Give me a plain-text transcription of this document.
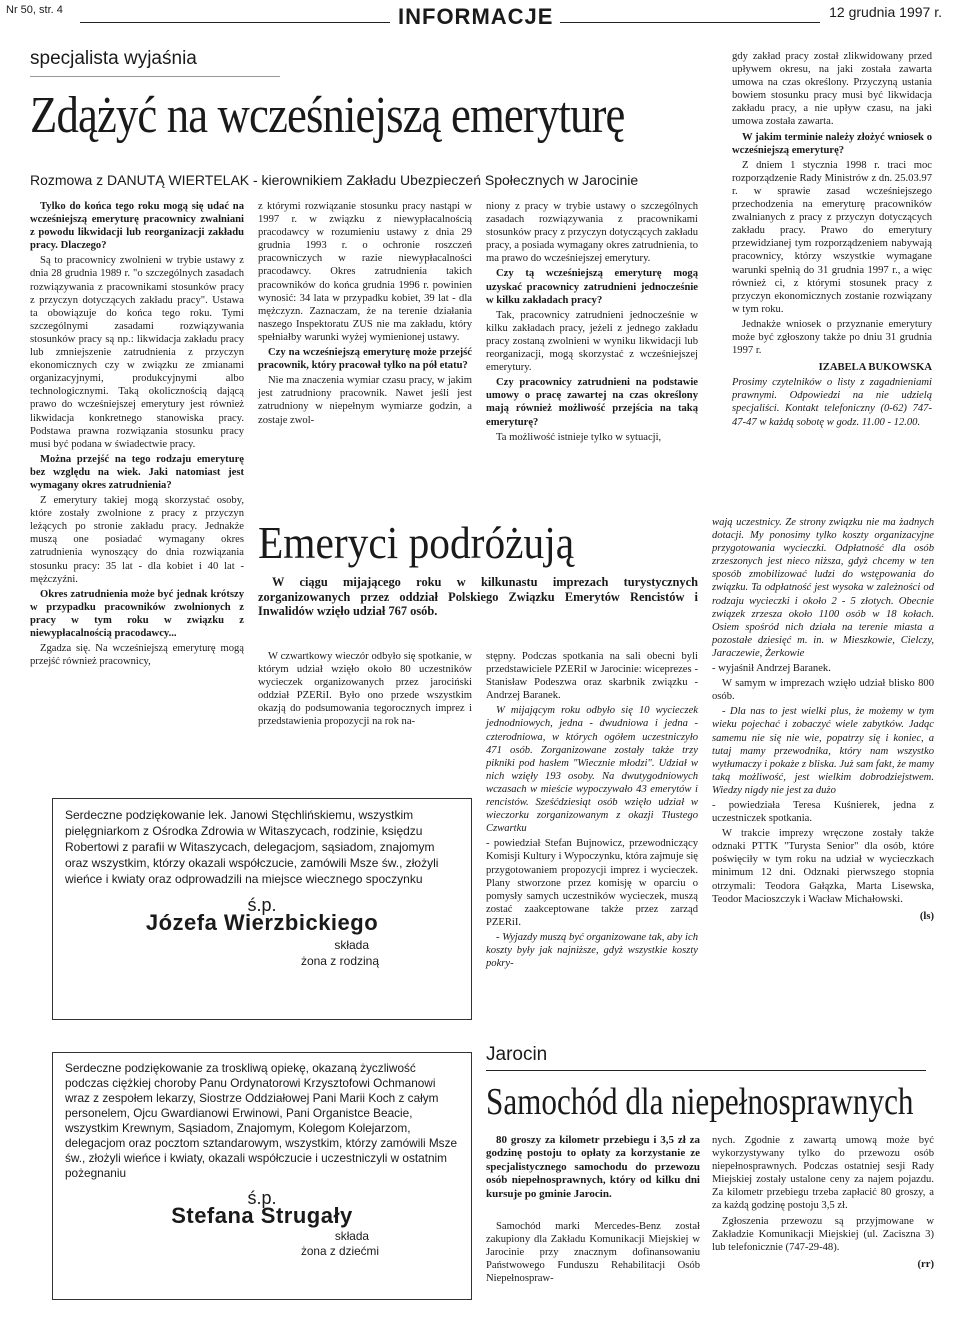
Nr 50, str. 4	INFORMACJE	12 grudnia 1997 r.
specjalista wyjaśnia
Zdążyć na wcześniejszą emeryturę
Rozmowa z DANUTĄ WIERTELAK - kierownikiem Zakładu Ubezpieczeń Społecznych w Jarocinie

Tylko do końca tego roku mogą się udać na wcześniejszą emeryturę pracownicy zwalniani z powodu likwidacji lub reorganizacji zakładu pracy. Dlaczego?

Są to pracownicy zwolnieni w trybie ustawy z dnia 28 grudnia 1989 r. "o szczególnych zasadach rozwiązywania z pracownikami stosunków pracy z przyczyn dotyczących zakładu pracy". Ustawa ta obowiązuje do końca tego roku. Tymi szczególnymi zasadami rozwiązywania stosunków pracy są np.: likwidacja zakładu pracy lub zmniejszenie zatrudnienia z przyczyn ekonomicznych czy w związku ze zmianami organizacyjnymi, produkcyjnymi albo technologicznymi. Taką okolicznością dającą prawo do wcześniejszej emerytury jest również likwidacja konkretnego stanowiska pracy. Podstawa prawna rozwiązania stosunku pracy musi być podana w świadectwie pracy.

Można przejść na tego rodzaju emeryturę bez względu na wiek. Jaki natomiast jest wymagany okres zatrudnienia?

Z emerytury takiej mogą skorzystać osoby, które zostały zwolnione z pracy z przyczyn leżących po stronie zakładu pracy. Jednakże muszą one posiadać wymagany okres zatrudnienia wynoszący do dnia rozwiązania stosunku pracy: 35 lat - dla kobiet i 40 lat - mężczyźni.

Okres zatrudnienia może być jednak krótszy w przypadku pracowników zwolnionych z pracy w tym roku w związku z niewypłacalnością pracodawcy...

Zgadza się. Na wcześniejszą emeryturę mogą przejść również pracownicy,

z którymi rozwiązanie stosunku pracy nastąpi w 1997 r. w związku z niewypłacalnością pracodawcy w rozumieniu ustawy z dnia 29 grudnia 1993 r. o ochronie roszczeń pracowniczych w razie niewypłacalności pracodawcy. Okres zatrudnienia takich pracowników do końca grudnia 1996 r. powinien wynosić: 34 lata w przypadku kobiet, 39 lat - dla mężczyzn. Zaznaczam, że na terenie działania naszego Inspektoratu ZUS nie ma zakładu, który spełniałby warunki wyżej wymienionej ustawy.

Czy na wcześniejszą emeryturę może przejść pracownik, który pracował tylko na pół etatu?

Nie ma znaczenia wymiar czasu pracy, w jakim jest zatrudniony pracownik. Nawet jeśli jest zatrudniony w niepełnym wymiarze godzin, a zostaje zwol-

niony z pracy w trybie ustawy o szczególnych zasadach rozwiązywania z pracownikami stosunków pracy z przyczyn dotyczących zakładu pracy, a posiada wymagany okres zatrudnienia, to ma prawo do wcześniejszej emerytury.

Czy tą wcześniejszą emeryturę mogą uzyskać pracownicy zatrudnieni jednocześnie w kilku zakładach pracy?

Tak, pracownicy zatrudnieni jednocześnie w kilku zakładach pracy, jeżeli z jednego zakładu pracy zostaną zwolnieni w wyniku likwidacji lub reorganizacji, mogą skorzystać z wcześniejszej emerytury.

Czy pracownicy zatrudnieni na podstawie umowy o pracę zawartej na czas określony mają również możliwość przejścia na taką emeryturę?

Ta możliwość istnieje tylko w sytuacji,

gdy zakład pracy został zlikwidowany przed upływem okresu, na jaki została zawarta umowa na czas określony. Przyczyną ustania bowiem stosunku pracy musi być likwidacja zakładu pracy, a nie upływ czasu, na jaki umowa została zawarta.

W jakim terminie należy złożyć wniosek o wcześniejszą emeryturę?

Z dniem 1 stycznia 1998 r. traci moc rozporządzenie Rady Ministrów z dn. 25.03.97 r. w sprawie zasad wcześniejszego przechodzenia na emeryturę pracowników zwalnianych z pracy z przyczyn dotyczących zakładu pracy. Prawo do emerytury przewidzianej tym rozporządzeniem nabywają pracownicy, którzy wszystkie wymagane warunki spełnią do 31 grudnia 1997 r., a więc również ci, z którymi stosunek pracy z przyczyn ekonomicznych zostanie rozwiązany w tym roku.

Jednakże wniosek o przyznanie emerytury może być zgłoszony także po dniu 31 grudnia 1997 r.

IZABELA BUKOWSKA

Prosimy czytelników o listy z zagadnieniami prawnymi. Odpowiedzi na nie udzielą specjaliści. Kontakt telefoniczny (0-62) 747-47-47 w każdą sobotę w godz. 11.00 - 12.00.

Emeryci podróżują
W ciągu mijającego roku w kilkunastu imprezach turystycznych zorganizowanych przez oddział Polskiego Związku Emerytów Rencistów i Inwalidów wzięło udział 767 osób.
W czwartkowy wieczór odbyło się spotkanie, w którym udział wzięło około 80 uczestników wycieczek organizowanych przez jarociński oddział PZERiI. Było ono przede wszystkim okazją do podsumowania tegorocznych imprez i przedstawienia propozycji na rok na-

stępny. Podczas spotkania na sali obecni byli przedstawiciele PZERiI w Jarocinie: wiceprezes - Stanisław Podeszwa oraz skarbnik związku - Andrzej Baranek.

W mijającym roku odbyło się 10 wycieczek jednodniowych, jedna - dwudniowa i jedna - czterodniowa, w których ogółem uczestniczyło 471 osób. Zorganizowane zostały także trzy pikniki pod hasłem "Wiecznie młodzi". Udział w nich wzięły 193 osoby. Na dwutygodniowych wczasach w mieście wypoczywało 43 emerytów i rencistów. Sześćdziesiąt osób wzięło udział w wieczorku zorganizowanym z okazji Tłustego Czwartku

- powiedział Stefan Bujnowicz, przewodniczący Komisji Kultury i Wypoczynku, która zajmuje się przygotowaniem propozycji imprez i wycieczek. Plany stworzone przez komisję w oparciu o pomysły samych uczestników wycieczek, muszą zostać zaakceptowane także przez zarząd PZERiI.

- Wyjazdy muszą być organizowane tak, aby ich koszty były jak najniższe, gdyż wszystkie koszty pokry-

wają uczestnicy. Ze strony związku nie ma żadnych dotacji. My ponosimy tylko koszty organizacyjne przygotowania wycieczki. Odpłatność dla osób zrzeszonych jest nieco niższa, gdyż chcemy w ten sposób zmobilizować ludzi do wstępowania do związku. Ta odpłatność jest wysoka w zależności od rodzaju wycieczki i około 2 - 5 złotych. Obecnie związek zrzesza około 1100 osób w 18 kołach. Osiem spośród nich działa na terenie miasta a pozostałe dziesięć m. in. w Mieszkowie, Cielczy, Jaraczewie, Żerkowie

- wyjaśnił Andrzej Baranek.

W samym w imprezach wzięło udział blisko 800 osób.

- Dla nas to jest wielki plus, że możemy w tym wieku pojechać i zobaczyć wiele zabytków. Jadąc samemu nie się nie wie, popatrzy się i koniec, a tutaj mamy przewodnika, który nam wszystko wytłumaczy i pokaże z bliska. Już sam fakt, że mamy taką możliwość, jest wielkim dobrodziejstwem. Wiedzy nigdy nie jest za dużo

- powiedziała Teresa Kuśnierek, jedna z uczestniczek spotkania.

W trakcie imprezy wręczone zostały także odznaki PTTK "Turysta Senior" dla osób, które poświęciły w tym roku na udział w wycieczkach minimum 12 dni. Odznaki pierwszego stopnia otrzymali: Teodora Gałązka, Marta Lisewska, Teodor Macioszczyk i Wacław Michałowski.

(ls)

Serdeczne podziękowanie lek. Janowi Stęchlińskiemu, wszystkim pielęgniarkom z Ośrodka Zdrowia w Witaszycach, rodzinie, księdzu Robertowi z parafii w Witaszycach, delegacjom, sąsiadom, znajomym oraz wszystkim, którzy okazali współczucie, zamówili Msze św., złożyli wieńce i kwiaty oraz odprowadzili na miejsce wiecznego spoczynku
ś.p.
Józefa Wierzbickiego
składa
żona z rodziną
Serdeczne podziękowanie za troskliwą opiekę, okazaną życzliwość podczas ciężkiej choroby Panu Ordynatorowi Krzysztofowi Ochmanowi wraz z zespołem lekarzy, Siostrze Oddziałowej Pani Marii Koch z całym personelem, Ojcu Gwardianowi Erwinowi, Pani Organistce Beacie, wszystkim Krewnym, Sąsiadom, Znajomym, Kolegom Kolejarzom, delegacjom oraz pocztom sztandarowym, wszystkim, którzy zamówili Msze św., złożyli wieńce i kwiaty, okazali współczucie i uczestniczyli w ostatnim pożegnaniu
ś.p.
Stefana Strugały
składa
żona z dziećmi
Jarocin
Samochód dla niepełnosprawnych
80 groszy za kilometr przebiegu i 3,5 zł za godzinę postoju to opłaty za korzystanie ze specjalistycznego samochodu do przewozu osób niepełnosprawnych, który od kilku dni kursuje po gminie Jarocin.
Samochód marki Mercedes-Benz został zakupiony dla Zakładu Komunikacji Miejskiej w Jarocinie przy znacznym dofinansowaniu Państwowego Funduszu Rehabilitacji Osób Niepełnospraw-

nych. Zgodnie z zawartą umową może być wykorzystywany tylko do przewozu osób niepełnosprawnych. Podczas ostatniej sesji Rady Miejskiej zostały ustalone ceny za najem pojazdu. Za kilometr przebiegu trzeba zapłacić 80 groszy, a za każdą godzinę postoju 3,5 zł.

Zgłoszenia przewozu są przyjmowane w Zakładzie Komunikacji Miejskiej (ul. Zaciszna 3) lub telefonicznie (747-29-48).

(rr)
